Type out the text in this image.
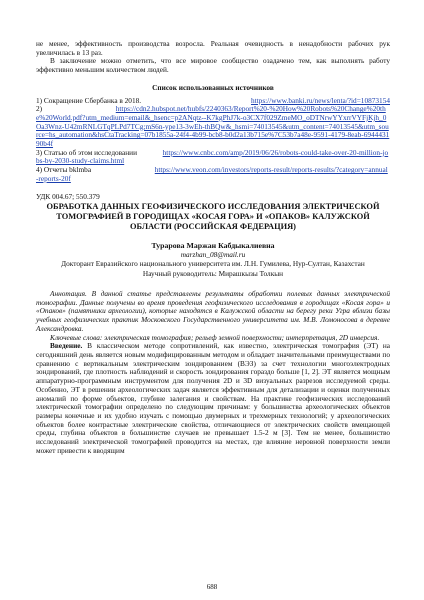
не менее, эффективность производства возросла. Реальная очевидность в ненадобности рабочих рук увеличилась в 13 раз.

В заключение можно отметить, что все мировое сообщество озадачено тем, как выполнять работу эффективно меньшим количеством людей.

Список использованных источников

1) Сокращение Сбербанка в 2018.	https://www.banki.ru/news/lenta/?id=10873154

2)	https://cdn2.hubspot.net/hubfs/2240363/Report%20-%20How%20Robots%20Change%20the%20World.pdf?utm_medium=email&_hsenc=p2ANqtz--K7kgPhJ7k-o3CX7f029ZmeMO_oDTNrwYYxrrVYFjKjh_0Oa3Wnz-U42mRNLGTqPLPd7TCg;mS6n-ype13-3wEh-thBQw&_hsmi=74013545&utm_content=74013545&utm_source=hs_automation&hsCtaTracking=07b1855a-24f4-4b99-bcb8-b0d2a13b715e%7C53b7a48e-9591-4179-8eab-694443190b4f

3) Статью об этом исследовании	https://www.cnbc.com/amp/2019/06/26/robots-could-take-over-20-million-jobs-by-2030-study-claims.html

4) Отчеты bklmba	https://www.veon.com/investors/reports-result/reports-results/?category=annual-reports-20f

УДК 004.67; 550.379

ОБРАБОТКА ДАННЫХ ГЕОФИЗИЧЕСКОГО ИССЛЕДОВАНИЯ ЭЛЕКТРИЧЕСКОЙ ТОМОГРАФИЕЙ В ГОРОДИЩАХ «КОСАЯ ГОРА» И «ОПАКОВ» КАЛУЖСКОЙ ОБЛАСТИ (РОССИЙСКАЯ ФЕДЕРАЦИЯ)

Турарова Маржан Кабдыкалиевна

marzhan_08@mail.ru

Докторант Евразийского национального университета им. Л.Н. Гумилева, Нур-Султан, Казахстан

Научный руководитель: Мирашкызы Толкын

Аннотация. В данной статье представлены результаты обработки полевых данных электрической томографии. Данные получены во время проведения геофизического исследования в городищах «Косая гора» и «Опаков» (памятники археологии), которые находятся в Калужской области на берегу реки Угра вблизи базы учебных геофизических практик Московского Государственного университета им. М.В. Ломоносова в деревне Александровка.

Ключевые слова: электрическая томография; рельеф земной поверхности; интерпретация, 2D инверсия.

Введение. В классическом методе сопротивлений, как известно, электрическая томография (ЭТ) на сегодняшний день является новым модифицированным методом и обладает значительными преимуществами по сравнению с вертикальным электрическим зондированием (ВЭЗ) за счет технологии многоэлектродных зондирований, где плотность наблюдений и скорость зондирования гораздо больше [1, 2]. ЭТ является мощным аппаратурно-программным инструментом для получения 2D и 3D визуальных разрезов исследуемой среды. Особенно, ЭТ в решении археологических задач является эффективным для детализации и оценки полученных аномалий по форме объектов, глубине залегания и свойствам. На практике геофизических исследований электрической томографии определено по следующим причинам: у большинства археологических объектов размеры конечные и их удобно изучать с помощью двумерных и трехмерных технологий; у археологических объектов более контрастные электрические свойства, отличающиеся от электрических свойств вмещающей среды, глубина объектов в большинстве случаев не превышает 1.5-2 м [3]. Тем не менее, большинство исследований электрической томографией проводится на местах, где влияние неровной поверхности земли может привести к вводящим

688
